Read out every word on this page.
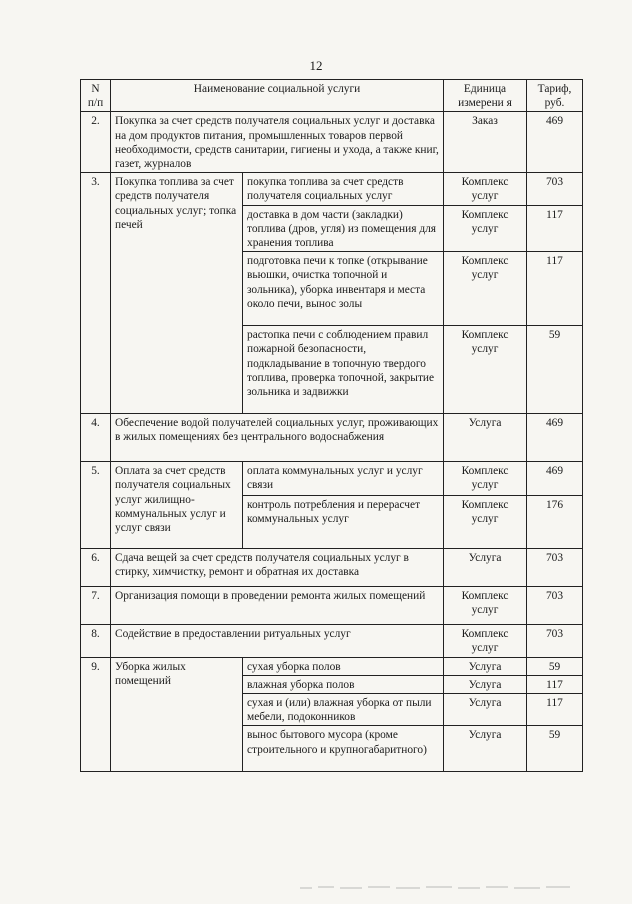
12
N
п/п	Наименование социальной услуги		Единица измерени я	Тариф, руб.
2.	Покупка за счет средств получателя социальных услуг и доставка на дом продуктов питания, промышленных товаров первой необходимости, средств санитарии, гигиены и ухода, а также книг, газет, журналов		Заказ	469
3.	Покупка топлива за счет средств получателя социальных услуг; топка печей	покупка топлива за счет средств получателя социальных услуг	Комплекс услуг	703
		доставка в дом части (закладки) топлива (дров, угля) из помещения для хранения топлива	Комплекс услуг	117
		подготовка печи к топке (открывание вьюшки, очистка топочной и зольника), уборка инвентаря и места около печи, вынос золы	Комплекс услуг	117
		растопка печи с соблюдением правил пожарной безопасности, подкладывание в топочную твердого топлива, проверка топочной, закрытие зольника и задвижки	Комплекс услуг	59
4.	Обеспечение водой получателей социальных услуг, проживающих в жилых помещениях без центрального водоснабжения		Услуга	469
5.	Оплата за счет средств получателя социальных услуг жилищно-коммунальных услуг и услуг связи	оплата коммунальных услуг и услуг связи	Комплекс услуг	469
		контроль потребления и перерасчет коммунальных услуг	Комплекс услуг	176
6.	Сдача вещей за счет средств получателя социальных услуг в стирку, химчистку, ремонт и обратная их доставка		Услуга	703
7.	Организация помощи в проведении ремонта жилых помещений		Комплекс услуг	703
8.	Содействие в предоставлении ритуальных услуг		Комплекс услуг	703
9.	Уборка жилых помещений	сухая уборка полов	Услуга	59
		влажная уборка полов	Услуга	117
		сухая и (или) влажная уборка от пыли мебели, подоконников	Услуга	117
		вынос бытового мусора (кроме строительного и крупногабаритного)	Услуга	59
